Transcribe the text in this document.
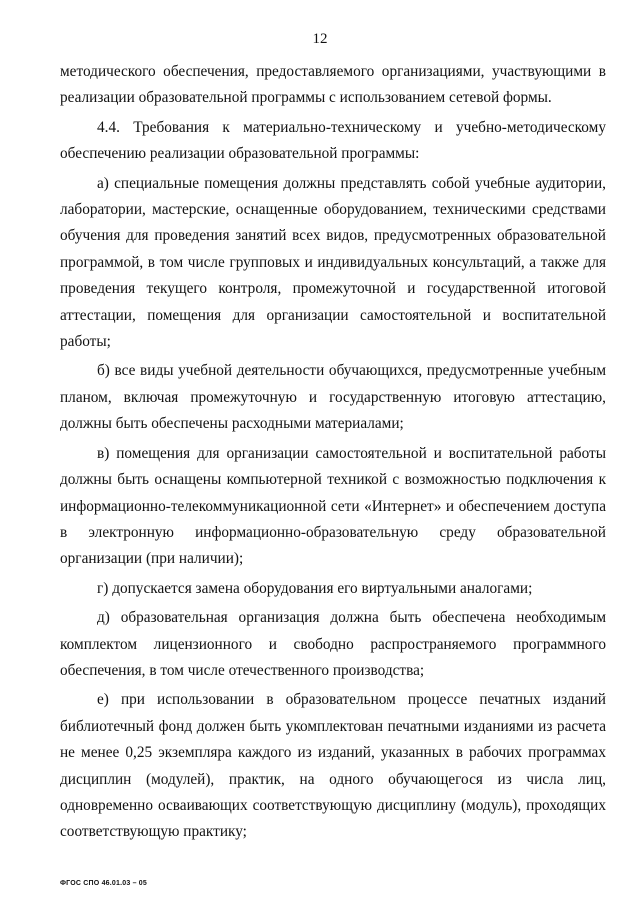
12

методического обеспечения, предоставляемого организациями, участвующими в реализации образовательной программы с использованием сетевой формы.

4.4. Требования к материально-техническому и учебно-методическому обеспечению реализации образовательной программы:

а) специальные помещения должны представлять собой учебные аудитории, лаборатории, мастерские, оснащенные оборудованием, техническими средствами обучения для проведения занятий всех видов, предусмотренных образовательной программой, в том числе групповых и индивидуальных консультаций, а также для проведения текущего контроля, промежуточной и государственной итоговой аттестации, помещения для организации самостоятельной и воспитательной работы;

б) все виды учебной деятельности обучающихся, предусмотренные учебным планом, включая промежуточную и государственную итоговую аттестацию, должны быть обеспечены расходными материалами;

в) помещения для организации самостоятельной и воспитательной работы должны быть оснащены компьютерной техникой с возможностью подключения к информационно-телекоммуникационной сети «Интернет» и обеспечением доступа в электронную информационно-образовательную среду образовательной организации (при наличии);

г) допускается замена оборудования его виртуальными аналогами;

д) образовательная организация должна быть обеспечена необходимым комплектом лицензионного и свободно распространяемого программного обеспечения, в том числе отечественного производства;

е) при использовании в образовательном процессе печатных изданий библиотечный фонд должен быть укомплектован печатными изданиями из расчета не менее 0,25 экземпляра каждого из изданий, указанных в рабочих программах дисциплин (модулей), практик, на одного обучающегося из числа лиц, одновременно осваивающих соответствующую дисциплину (модуль), проходящих соответствующую практику;

ФГОС СПО 46.01.03 – 05
